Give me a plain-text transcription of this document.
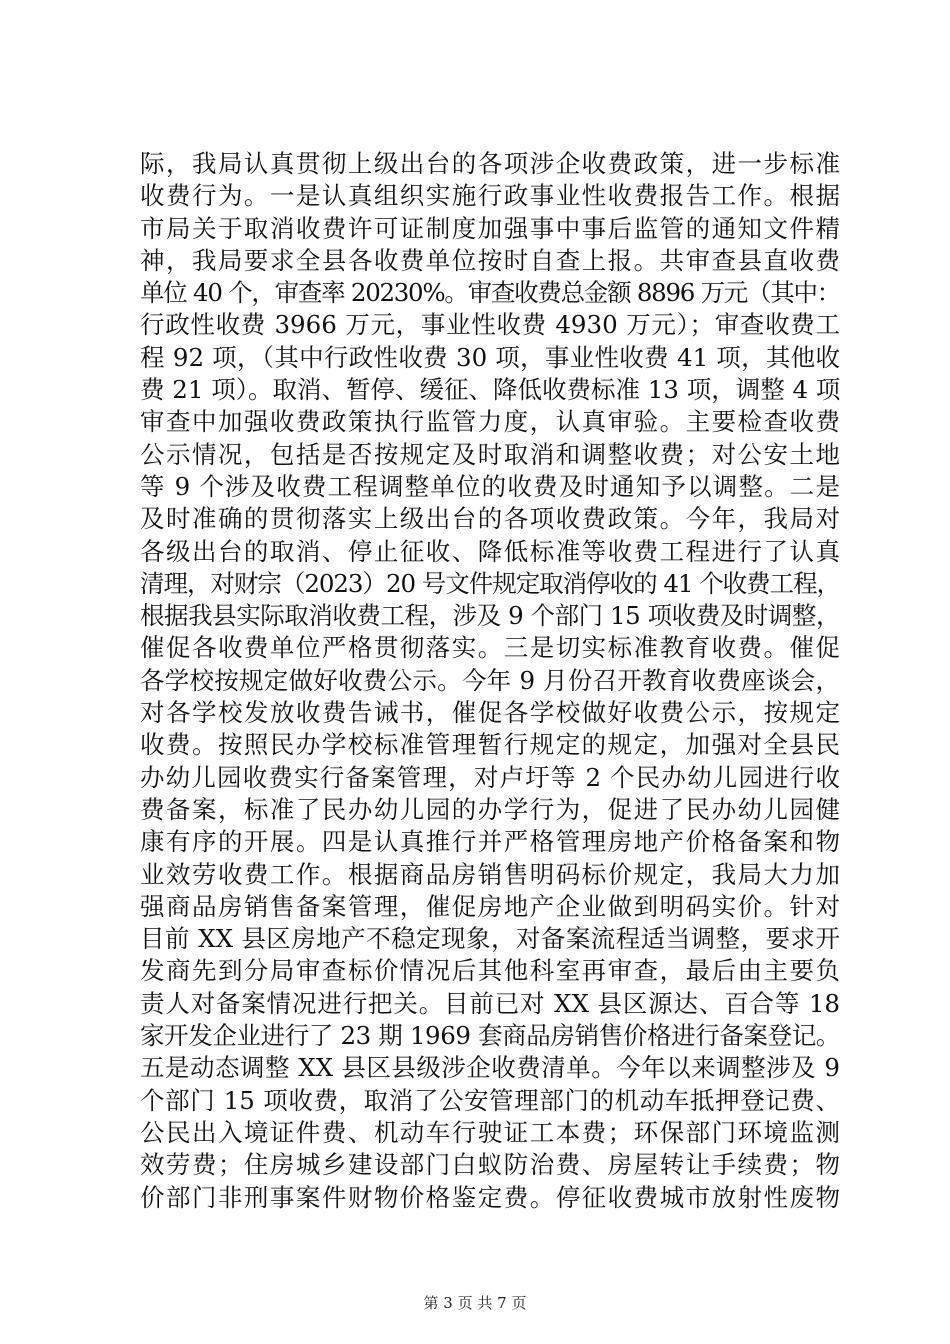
际，我局认真贯彻上级出台的各项涉企收费政策，进一步标准
收费行为。一是认真组织实施行政事业性收费报告工作。根据
市局关于取消收费许可证制度加强事中事后监管的通知文件精
神，我局要求全县各收费单位按时自查上报。共审查县直收费
单位 40 个，审查率 20230%。审查收费总金额 8896 万元（其中：
行政性收费 3966 万元，事业性收费 4930 万元）；审查收费工
程 92 项，（其中行政性收费 30 项，事业性收费 41 项，其他收
费 21 项）。取消、暂停、缓征、降低收费标准 13 项，调整 4 项
审查中加强收费政策执行监管力度，认真审验。主要检查收费
公示情况，包括是否按规定及时取消和调整收费；对公安土地
等 9 个涉及收费工程调整单位的收费及时通知予以调整。二是
及时准确的贯彻落实上级出台的各项收费政策。今年，我局对
各级出台的取消、停止征收、降低标准等收费工程进行了认真
清理，对财宗（2023）20 号文件规定取消停收的 41 个收费工程，
根据我县实际取消收费工程，涉及 9 个部门 15 项收费及时调整，
催促各收费单位严格贯彻落实。三是切实标准教育收费。催促
各学校按规定做好收费公示。今年 9 月份召开教育收费座谈会，
对各学校发放收费告诫书，催促各学校做好收费公示，按规定
收费。按照民办学校标准管理暂行规定的规定，加强对全县民
办幼儿园收费实行备案管理，对卢圩等 2 个民办幼儿园进行收
费备案，标准了民办幼儿园的办学行为，促进了民办幼儿园健
康有序的开展。四是认真推行并严格管理房地产价格备案和物
业效劳收费工作。根据商品房销售明码标价规定，我局大力加
强商品房销售备案管理，催促房地产企业做到明码实价。针对
目前 XX 县区房地产不稳定现象，对备案流程适当调整，要求开
发商先到分局审查标价情况后其他科室再审查，最后由主要负
责人对备案情况进行把关。目前已对 XX 县区源达、百合等 18
家开发企业进行了 23 期 1969 套商品房销售价格进行备案登记。
五是动态调整 XX 县区县级涉企收费清单。今年以来调整涉及 9
个部门 15 项收费，取消了公安管理部门的机动车抵押登记费、
公民出入境证件费、机动车行驶证工本费；环保部门环境监测
效劳费；住房城乡建设部门白蚁防治费、房屋转让手续费；物
价部门非刑事案件财物价格鉴定费。停征收费城市放射性废物
第 3 页 共 7 页
